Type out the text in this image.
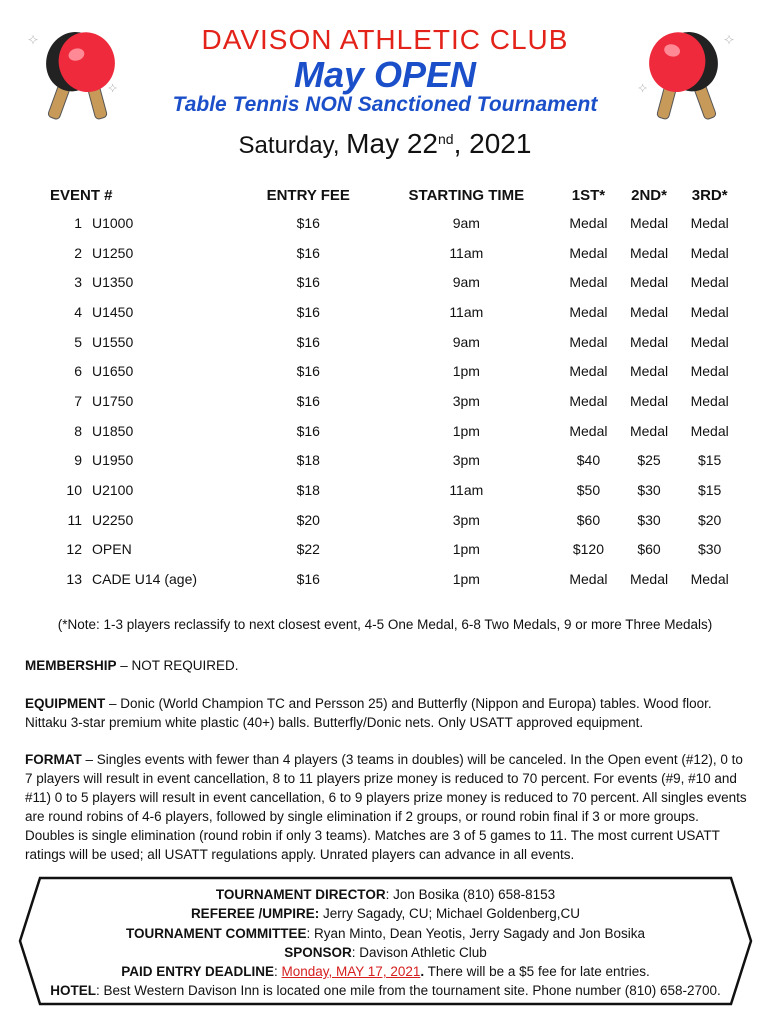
✦
✦
✦
✦
DAVISON ATHLETIC CLUB
May OPEN
Table Tennis NON Sanctioned Tournament
Saturday, May 22nd, 2021
EVENT #		ENTRY FEE	STARTING TIME	1ST*	2ND*	3RD*
1	U1000	$16	9am	Medal	Medal	Medal
2	U1250	$16	11am	Medal	Medal	Medal
3	U1350	$16	9am	Medal	Medal	Medal
4	U1450	$16	11am	Medal	Medal	Medal
5	U1550	$16	9am	Medal	Medal	Medal
6	U1650	$16	1pm	Medal	Medal	Medal
7	U1750	$16	3pm	Medal	Medal	Medal
8	U1850	$16	1pm	Medal	Medal	Medal
9	U1950	$18	3pm	$40	$25	$15
10	U2100	$18	11am	$50	$30	$15
11	U2250	$20	3pm	$60	$30	$20
12	OPEN	$22	1pm	$120	$60	$30
13	CADE U14 (age)	$16	1pm	Medal	Medal	Medal
(*Note: 1-3 players reclassify to next closest event, 4-5 One Medal, 6-8 Two Medals, 9 or more Three Medals)
MEMBERSHIP – NOT REQUIRED.
EQUIPMENT – Donic (World Champion TC and Persson 25) and Butterfly (Nippon and Europa) tables. Wood floor. Nittaku 3-star premium white plastic (40+) balls. Butterfly/Donic nets. Only USATT approved equipment.
FORMAT – Singles events with fewer than 4 players (3 teams in doubles) will be canceled. In the Open event (#12), 0 to 7 players will result in event cancellation, 8 to 11 players prize money is reduced to 70 percent. For events (#9, #10 and #11) 0 to 5 players will result in event cancellation, 6 to 9 players prize money is reduced to 70 percent. All singles events are round robins of 4-6 players, followed by single elimination if 2 groups, or round robin final if 3 or more groups. Doubles is single elimination (round robin if only 3 teams). Matches are 3 of 5 games to 11. The most current USATT ratings will be used; all USATT regulations apply. Unrated players can advance in all events.
TOURNAMENT DIRECTOR: Jon Bosika (810) 658-8153
REFEREE /UMPIRE: Jerry Sagady, CU; Michael Goldenberg,CU
TOURNAMENT COMMITTEE: Ryan Minto, Dean Yeotis, Jerry Sagady and Jon Bosika
SPONSOR: Davison Athletic Club
PAID ENTRY DEADLINE: Monday, MAY 17, 2021. There will be a $5 fee for late entries.
HOTEL: Best Western Davison Inn is located one mile from the tournament site. Phone number (810) 658-2700.
